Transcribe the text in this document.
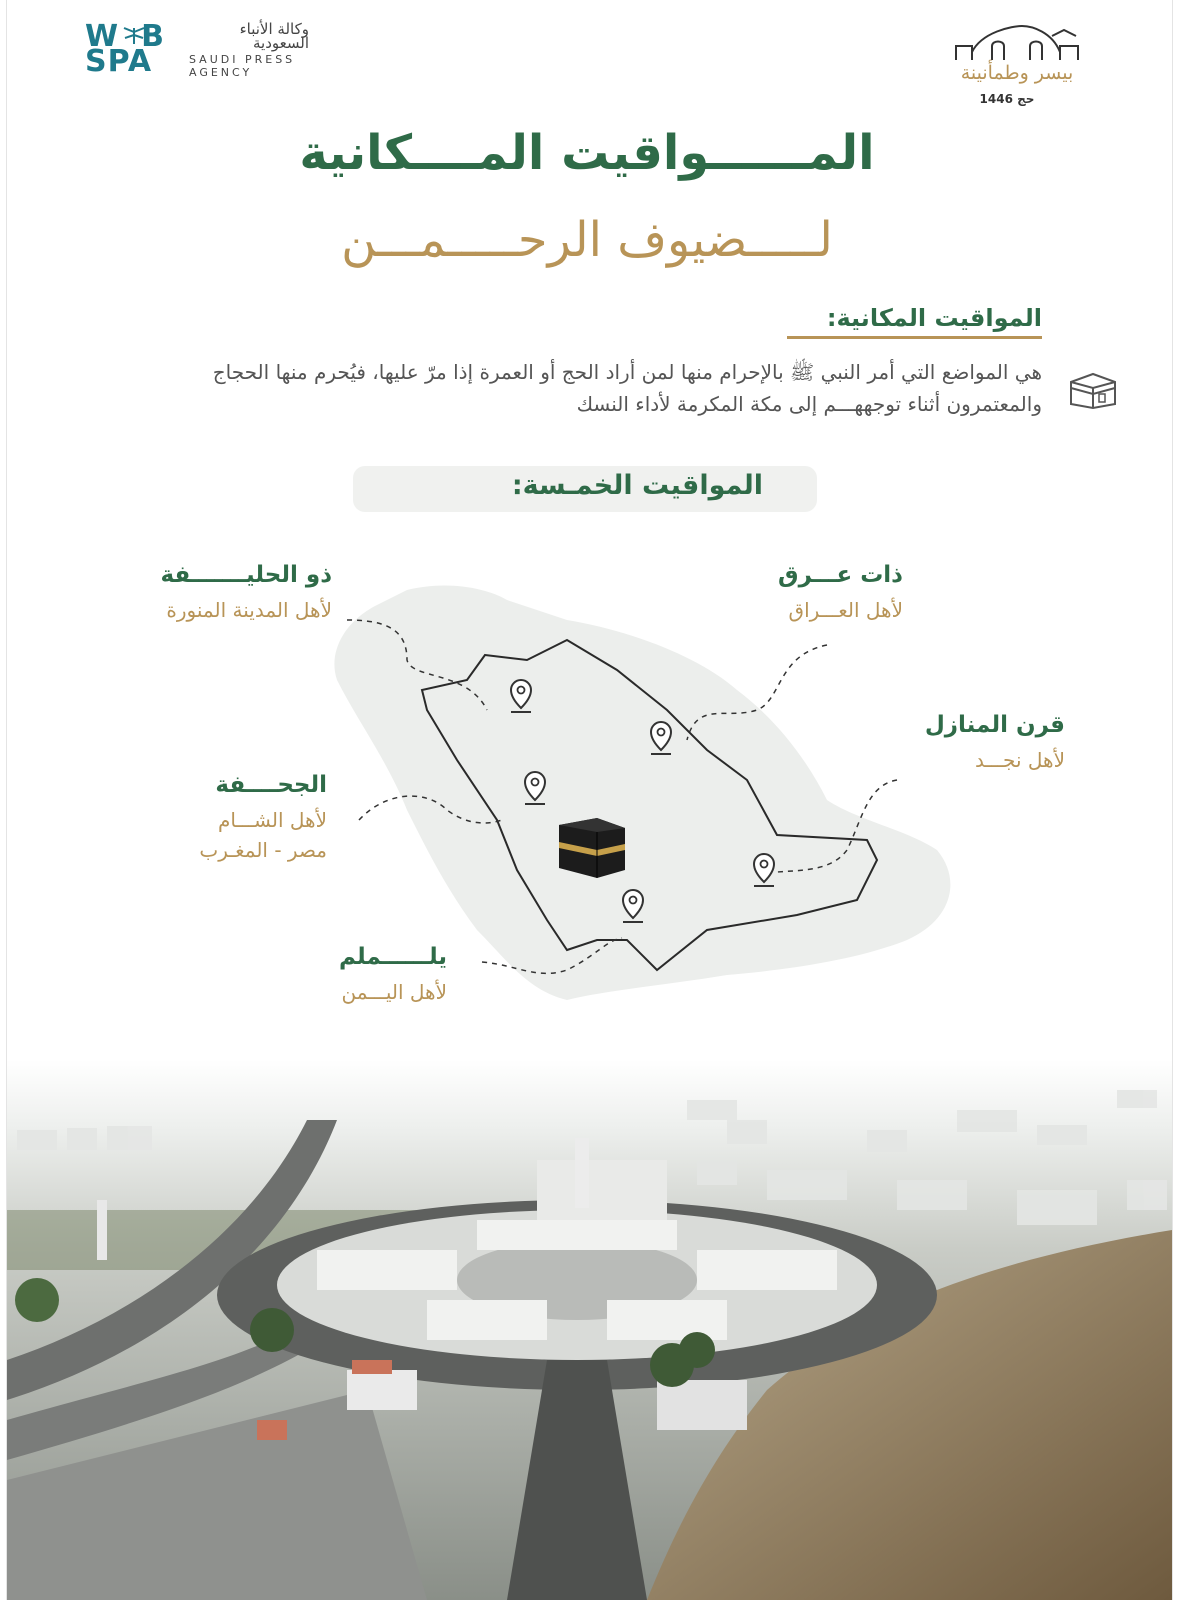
W B
SPA
وكالة الأنباء السعودية
SAUDI PRESS
AGENCY	بيسر وطمأنينة
حج 1446
المــــــواقيت المــــكانية
لـــــضيوف الرحـــــمـــن
المواقيت المكانية:
هي المواضع التي أمر النبي ﷺ بالإحرام منها لمن أراد الحج أو العمرة إذا مرّ عليها، فيُحرم منها الحجاج والمعتمرون أثناء توجههـــم إلى مكة المكرمة لأداء النسك
المواقيت الخمـسة:
ذو الحليـــــــفة
لأهل المدينة المنورة
ذات عـــرق
لأهل العـــراق
قرن المنازل
لأهل نجـــد
الجحــــفة
لأهل الشـــام
مصر - المغـرب
يلــــــملم
لأهل اليـــمن
